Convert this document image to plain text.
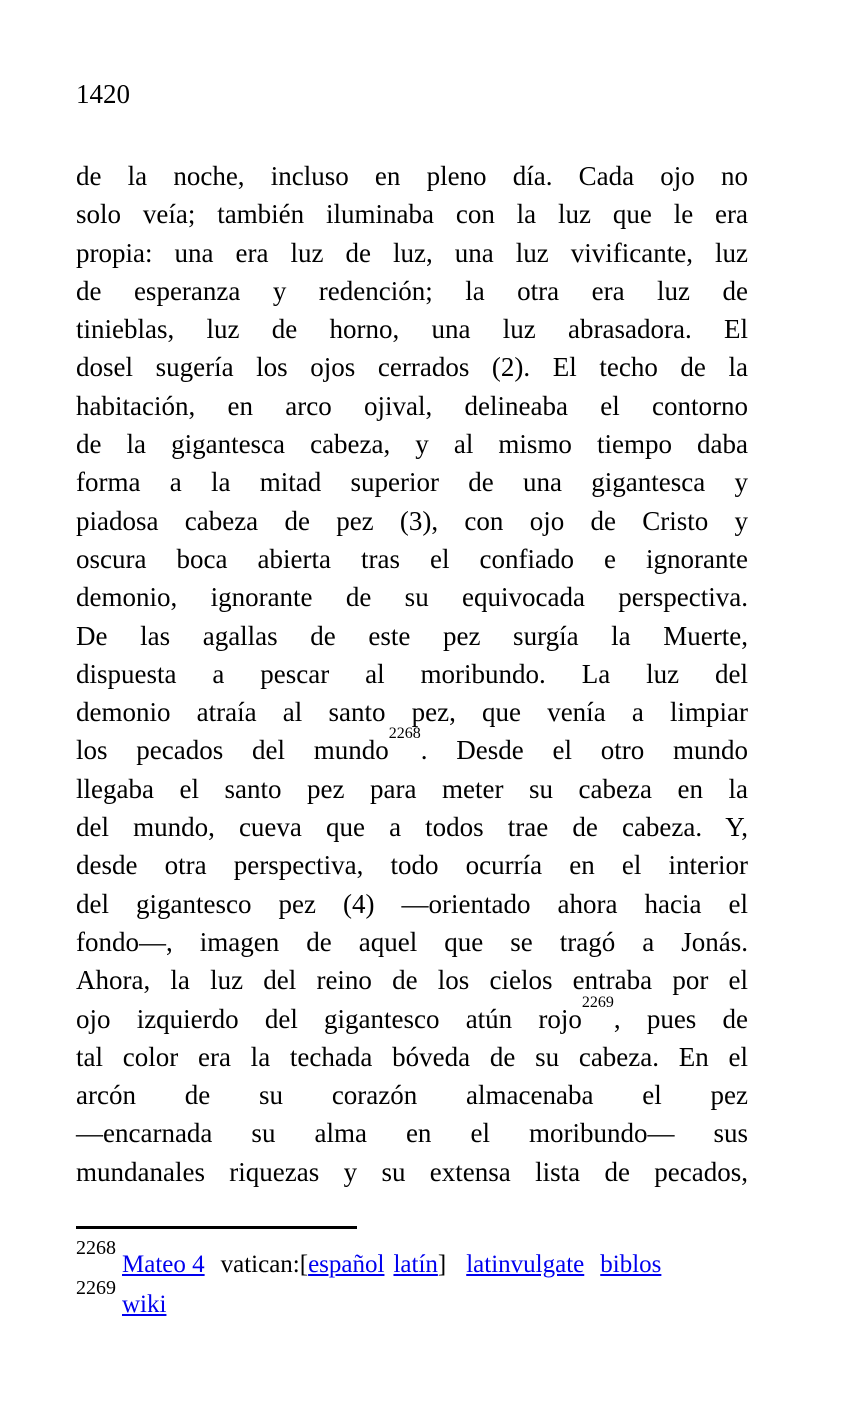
1420
de la noche, incluso en pleno día. Cada ojo no
solo veía; también iluminaba con la luz que le era
propia: una era luz de luz, una luz vivificante, luz
de esperanza y redención; la otra era luz de
tinieblas, luz de horno, una luz abrasadora. El
dosel sugería los ojos cerrados (2). El techo de la
habitación, en arco ojival, delineaba el contorno
de la gigantesca cabeza, y al mismo tiempo daba
forma a la mitad superior de una gigantesca y
piadosa cabeza de pez (3), con ojo de Cristo y
oscura boca abierta tras el confiado e ignorante
demonio, ignorante de su equivocada perspectiva.
De las agallas de este pez surgía la Muerte,
dispuesta a pescar al moribundo. La luz del
demonio atraía al santo pez, que venía a limpiar
los pecados del mundo$^{2268}$. Desde el otro mundo
llegaba el santo pez para meter su cabeza en la
del mundo, cueva que a todos trae de cabeza. Y,
desde otra perspectiva, todo ocurría en el interior
del gigantesco pez (4) —orientado ahora hacia el
fondo—, imagen de aquel que se tragó a Jonás.
Ahora, la luz del reino de los cielos entraba por el
ojo izquierdo del gigantesco atún rojo$^{2269}$, pues de
tal color era la techada bóveda de su cabeza. En el
arcón de su corazón almacenaba el pez
—encarnada su alma en el moribundo— sus
mundanales riquezas y su extensa lista de pecados,
$^{2268}$Mateo 4 vatican:[español latín] latinvulgate biblos
$^{2269}$wiki
